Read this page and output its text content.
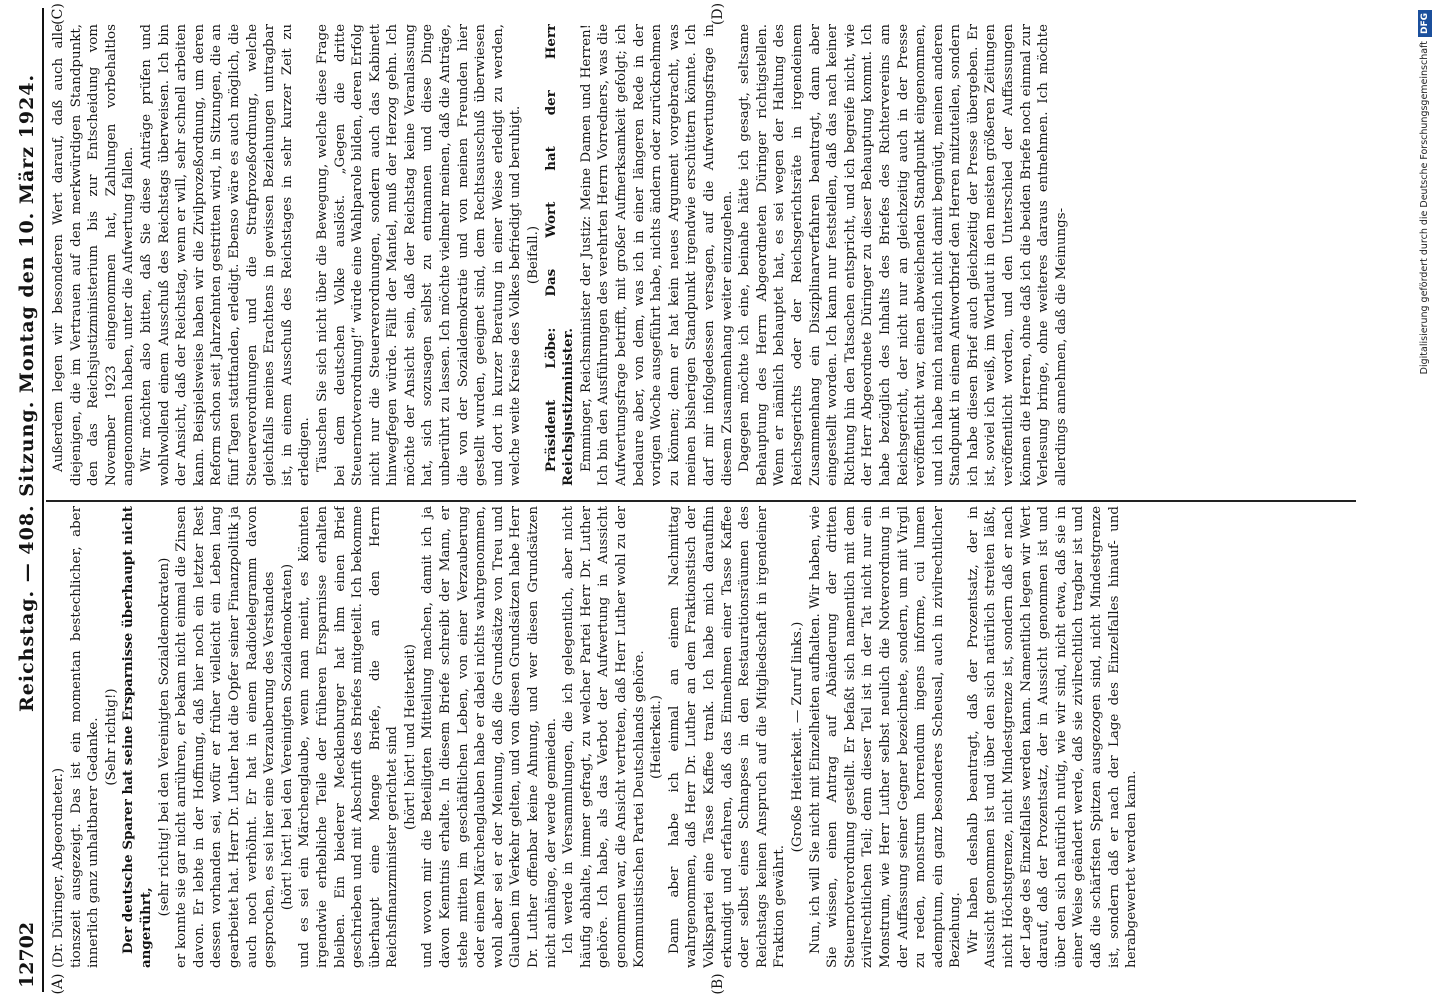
12702
Reichstag. — 408. Sitzung. Montag den 10. März 1924.
(A)	(B)
(C)	(D)

(Dr. Düringer, Abgeordneter.) tionszeit ausgezeigt. Das ist ein momentan bestechlicher, aber innerlich ganz unhaltbarer Gedanke. (Sehr richtig!) Der deutsche Sparer hat seine Ersparnisse überhaupt nicht angerührt,

(sehr richtig! bei den Vereinigten Sozialdemokraten) er konnte sie gar nicht anrühren, er bekam nicht einmal die Zinsen davon. Er lebte in der Hoffnung, daß hier noch ein letzter Rest dessen vorhanden sei, wofür er früher vielleicht ein Leben lang gearbeitet hat. Herr Dr. Luther hat die Opfer seiner Finanzpolitik ja auch noch verhöhnt. Er hat in einem Radiotelegramm davon gesprochen, es sei hier eine Verzauberung des Verstandes (hört! hört! bei den Vereinigten Sozialdemokraten) und es sei ein Märchenglaube, wenn man meint, es könnten irgendwie erhebliche Teile der früheren Ersparnisse erhalten bleiben. Ein biederer Mecklenburger hat ihm einen Brief geschrieben und mit Abschrift des Briefes mitgeteilt. Ich bekomme überhaupt eine Menge Briefe, die an den Herrn Reichsfinanzminister gerichtet sind (hört! hört! und Heiterkeit) und wovon mir die Beteiligten Mitteilung machen, damit ich ja davon Kenntnis erhalte. In diesem Briefe schreibt der Mann, er stehe mitten im geschäftlichen Leben, von einer Verzauberung oder einem Märchenglauben habe er dabei nichts wahrgenommen, wohl aber sei er der Meinung, daß die Grundsätze von Treu und Glauben im Verkehr gelten, und von diesen Grundsätzen habe Herr Dr. Luther offenbar keine Ahnung, und wer diesen Grundsätzen nicht anhänge, der werde gemieden. Ich werde in Versammlungen, die ich gelegentlich, aber nicht häufig abhalte, immer gefragt, zu welcher Partei Herr Dr. Luther gehöre. Ich habe, als das Verbot der Aufwertung in Aussicht genommen war, die Ansicht vertreten, daß Herr Luther wohl zu der Kommunistischen Partei Deutschlands gehöre. (Heiterkeit.) Dann aber habe ich einmal an einem Nachmittag wahrgenommen, daß Herr Dr. Luther an dem Fraktionstisch der Volkspartei eine Tasse Kaffee trank. Ich habe mich daraufhin erkundigt und erfahren, daß das Einnehmen einer Tasse Kaffee oder selbst eines Schnapses in den Restaurationsräumen des Reichstags keinen Anspruch auf die Mitgliedschaft in irgendeiner Fraktion gewährt.

(Große Heiterkeit. — Zuruf links.) Nun, ich will Sie nicht mit Einzelheiten aufhalten. Wir haben, wie Sie wissen, einen Antrag auf Abänderung der dritten Steuernotverordnung gestellt. Er befaßt sich namentlich mit dem zivilrechtlichen Teil; denn dieser Teil ist in der Tat nicht nur ein Monstrum, wie Herr Luther selbst neulich die Notverordnung in der Auffassung seiner Gegner bezeichnete, sondern, um mit Virgil zu reden, monstrum horrendum ingens informe, cui lumen ademptum, ein ganz besonderes Scheusal, auch in zivilrechtlicher Beziehung. Wir haben deshalb beantragt, daß der Prozentsatz, der in Aussicht genommen ist und über den sich natürlich streiten läßt, nicht Höchstgrenze, nicht Mindestgrenze ist, sondern daß er nach der Lage des Einzelfalles werden kann. Namentlich legen wir Wert darauf, daß der Prozentsatz, der in Aussicht genommen ist und über den sich natürlich nutig, wie wir sind, nicht etwa, daß sie in einer Weise geändert werde, daß sie zivilrechtlich tragbar ist und daß die schärfsten Spitzen ausgezogen sind, nicht Mindestgrenze ist, sondern daß er nach der Lage des Einzelfalles hinauf- und herabgewertet werden kann.

Außerdem legen wir besonderen Wert darauf, daß auch alle diejenigen, die im Vertrauen auf den merkwürdigen Standpunkt, den das Reichsjustizministerium bis zur Entscheidung vom November 1923 eingenommen hat, Zahlungen vorbehaltlos angenommen haben, unter die Aufwertung fallen. Wir möchten also bitten, daß Sie diese Anträge prüfen und wohlwollend einem Ausschuß des Reichstags überweisen. Ich bin der Ansicht, daß der Reichstag, wenn er will, sehr schnell arbeiten kann. Beispielsweise haben wir die Zivilprozeßordnung, um deren Reform schon seit Jahrzehnten gestritten wird, in Sitzungen, die an fünf Tagen stattfanden, erledigt. Ebenso wäre es auch möglich, die Steuerverordnungen und die Strafprozeßordnung, welche gleichfalls meines Erachtens in gewissen Beziehungen untragbar ist, in einem Ausschuß des Reichstages in sehr kurzer Zeit zu erledigen. Täuschen Sie sich nicht über die Bewegung, welche diese Frage bei dem deutschen Volke auslöst. „Gegen die dritte Steuernotverordnung!“ würde eine Wahlparole bilden, deren Erfolg nicht nur die Steuerverordnungen, sondern auch das Kabinett hinwegfegen würde. Fällt der Mantel, muß der Herzog gehn. Ich möchte der Ansicht sein, daß der Reichstag keine Veranlassung hat, sich sozusagen selbst zu entmannen und diese Dinge unberührt zu lassen. Ich möchte vielmehr meinen, daß die Anträge, die von der Sozialdemokratie und von meinen Freunden hier gestellt wurden, geeignet sind, dem Rechtsausschuß überwiesen und dort in kurzer Beratung in einer Weise erledigt zu werden, welche weite Kreise des Volkes befriedigt und beruhigt. (Beifall.) Präsident Löbe: Das Wort hat der Herr Reichsjustizminister. Emminger, Reichsminister der Justiz: Meine Damen und Herren! Ich bin den Ausführungen des verehrten Herrn Vorredners, was die Aufwertungsfrage betrifft, mit großer Aufmerksamkeit gefolgt; ich bedaure aber, von dem, was ich in einer längeren Rede in der vorigen Woche ausgeführt habe, nichts ändern oder zurücknehmen zu können; denn er hat kein neues Argument vorgebracht, was meinen bisherigen Standpunkt irgendwie erschüttern könnte. Ich darf mir infolgedessen versagen, auf die Aufwertungsfrage in diesem Zusammenhang weiter einzugehen. Dagegen möchte ich eine, beinahe hätte ich gesagt, seltsame Behauptung des Herrn Abgeordneten Düringer richtigstellen. Wenn er nämlich behauptet hat, es sei wegen der Haltung des Reichsgerichts oder der Reichsgerichtsräte in irgendeinem Zusammenhang ein Disziplinarverfahren beantragt, dann aber eingestellt worden. Ich kann nur feststellen, daß das nach keiner Richtung hin den Tatsachen entspricht, und ich begreife nicht, wie der Herr Abgeordnete Düringer zu dieser Behauptung kommt. Ich habe bezüglich des Inhalts des Briefes des Richtervereins am Reichsgericht, der nicht nur an gleichzeitig auch in der Presse veröffentlicht war, einen abweichenden Standpunkt eingenommen, und ich habe mich natürlich nicht damit begnügt, meinen anderen Standpunkt in einem Antwortbrief den Herren mitzuteilen, sondern ich habe diesen Brief auch gleichzeitig der Presse übergeben. Er ist, soviel ich weiß, im Wortlaut in den meisten größeren Zeitungen veröffentlicht worden, und den Unterschied der Auffassungen können die Herren, ohne daß ich die beiden Briefe noch einmal zur Verlesung bringe, ohne weiteres daraus entnehmen. Ich möchte allerdings annehmen, daß die Meinungs-	Digitalisierung gefördert durch die Deutsche ForschungsgemeinschaftDFG
